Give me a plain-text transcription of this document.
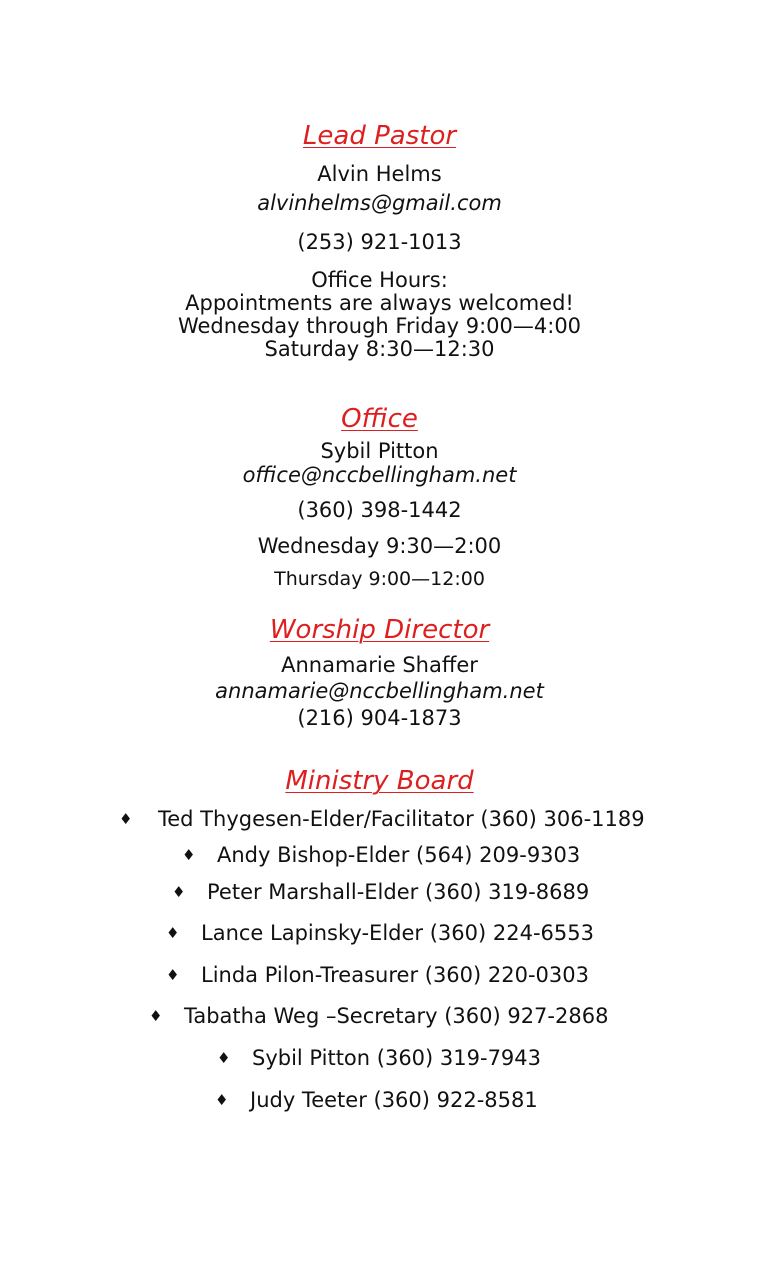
Lead Pastor
Alvin Helms
alvinhelms@gmail.com
(253) 921-1013
Office Hours:
Appointments are always welcomed!
Wednesday through Friday 9:00—4:00
Saturday 8:30—12:30
Office
Sybil Pitton
office@nccbellingham.net
(360) 398-1442
Wednesday 9:30—2:00
Thursday 9:00—12:00
Worship Director
Annamarie Shaffer
annamarie@nccbellingham.net
(216) 904-1873
Ministry Board
♦ Ted Thygesen-Elder/Facilitator (360) 306-1189
♦ Andy Bishop-Elder (564) 209-9303
♦ Peter Marshall-Elder (360) 319-8689
♦ Lance Lapinsky-Elder (360) 224-6553
♦ Linda Pilon-Treasurer (360) 220-0303
♦ Tabatha Weg –Secretary (360) 927-2868
♦ Sybil Pitton (360) 319-7943
♦ Judy Teeter (360) 922-8581
